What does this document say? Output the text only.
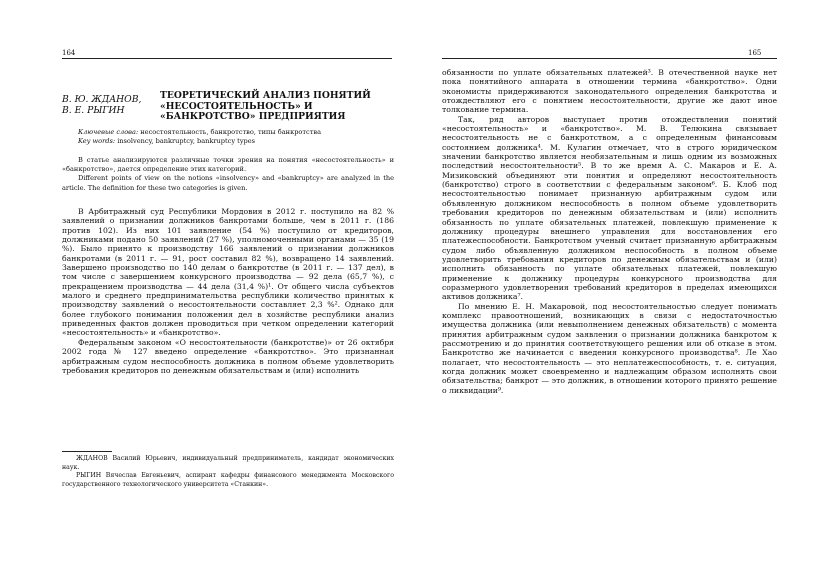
164
В. Ю. ЖДАНОВ,
В. Е. РЫГИН
ТЕОРЕТИЧЕСКИЙ АНАЛИЗ ПОНЯТИЙ «НЕСОСТОЯТЕЛЬНОСТЬ» И «БАНКРОТСТВО» ПРЕДПРИЯТИЯ
Ключевые слова: несостоятельность, банкротство, типы банкротства
Key words: insolvency, bankruptcy, bankruptcy types

В статье анализируются различные точки зрения на понятия «несостоятельность» и «банкротство», дается определение этих категорий.

Different points of view on the notions «insolvency» and «bankruptcy» are analyzed in the article. The definition for these two categories is given.

В Арбитражный суд Республики Мордовия в 2012 г. поступило на 82 % заявлений о признании должников банкротами больше, чем в 2011 г. (186 против 102). Из них 101 заявление (54 %) поступило от кредиторов, должниками подано 50 заявлений (27 %), уполномоченными органами — 35 (19 %). Было принято к производству 166 заявлений о признании должников банкротами (в 2011 г. — 91, рост составил 82 %), возвращено 14 заявлений. Завершено производство по 140 делам о банкротстве (в 2011 г. — 137 дел), в том числе с завершением конкурсного производства — 92 дела (65,7 %), с прекращением производства — 44 дела (31,4 %)¹. От общего числа субъектов малого и среднего предпринимательства республики количество принятых к производству заявлений о несостоятельности составляет 2,3 %². Однако для более глубокого понимания положения дел в хозяйстве республики анализ приведенных фактов должен проводиться при четком определении категорий «несостоятельность» и «банкротство».

Федеральным законом «О несостоятельности (банкротстве)» от 26 октября 2002 года № 127 введено определение «банкротство». Это признанная арбитражным судом неспособность должника в полном объеме удовлетворить требования кредиторов по денежным обязательствам и (или) исполнить

ЖДАНОВ Василий Юрьевич, индивидуальный предприниматель, кандидат экономических наук.

РЫГИН Вячеслав Евгеньевич, аспирант кафедры финансового менеджмента Московского государственного технологического университета «Станкин».

165

обязанности по уплате обязательных платежей³. В отечественной науке нет пока понятийного аппарата в отношении термина «банкротство». Одни экономисты придерживаются законодательного определения банкротства и отождествляют его с понятием несостоятельности, другие же дают иное толкование термина.

Так, ряд авторов выступает против отождествления понятий «несостоятельность» и «банкротство». М. В. Телюкина связывает несостоятельность не с банкротством, а с определенным финансовым состоянием должника⁴. М. Кулагин отмечает, что в строго юридическом значении банкротство является необязательным и лишь одним из возможных последствий несостоятельности⁵. В то же время А. С. Макаров и Е. А. Мизиковский объединяют эти понятия и определяют несостоятельность (банкротство) строго в соответствии с федеральным законом⁶. Б. Клоб под несостоятельностью понимает признанную арбитражным судом или объявленную должником неспособность в полном объеме удовлетворить требования кредиторов по денежным обязательствам и (или) исполнить обязанность по уплате обязательных платежей, повлекшую применение к должнику процедуры внешнего управления для восстановления его платежеспособности. Банкротством ученый считает признанную арбитражным судом либо объявленную должником неспособность в полном объеме удовлетворить требования кредиторов по денежным обязательствам и (или) исполнить обязанность по уплате обязательных платежей, повлекшую применение к должнику процедуры конкурсного производства для соразмерного удовлетворения требований кредиторов в пределах имеющихся активов должника⁷.

По мнению Е. Н. Макаровой, под несостоятельностью следует понимать комплекс правоотношений, возникающих в связи с недостаточностью имущества должника (или невыполнением денежных обязательств) с момента принятия арбитражным судом заявления о признании должника банкротом к рассмотрению и до принятия соответствующего решения или об отказе в этом. Банкротство же начинается с введения конкурсного производства⁸. Ле Хао полагает, что несостоятельность — это неплатежеспособность, т. е. ситуация, когда должник может своевременно и надлежащим образом исполнять свои обязательства; банкрот — это должник, в отношении которого принято решение о ликвидации⁹.
